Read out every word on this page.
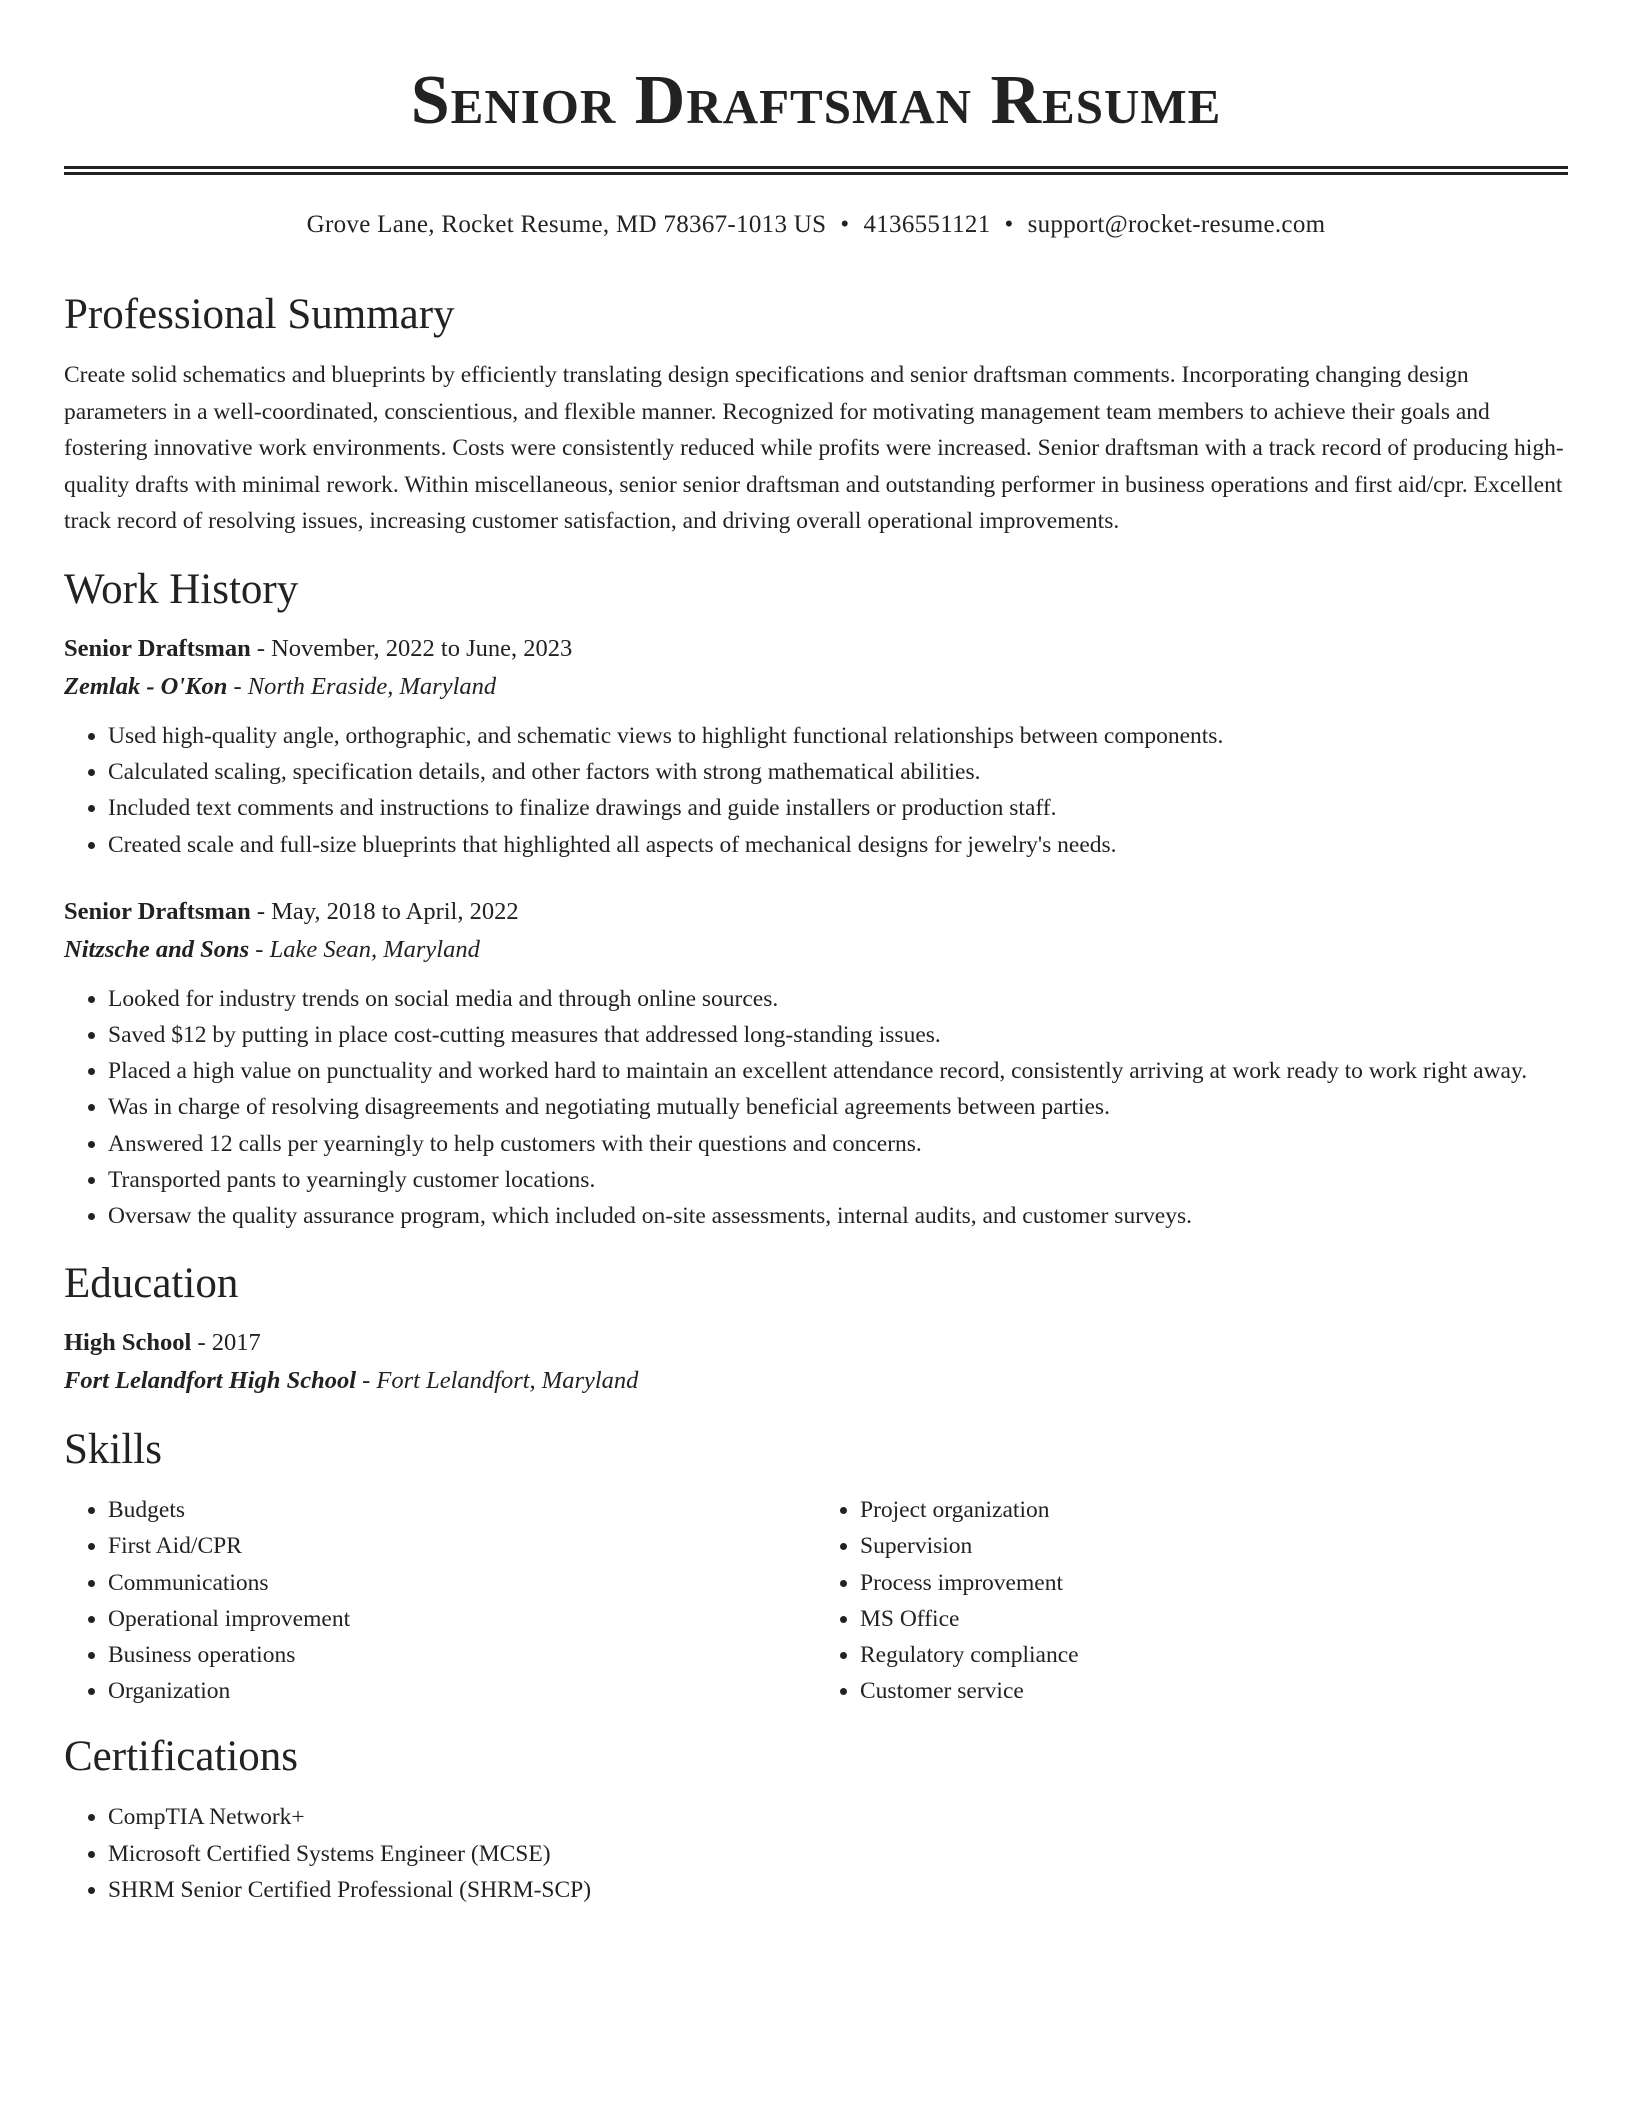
Senior Draftsman Resume
Grove Lane, Rocket Resume, MD 78367-1013 US • 4136551121 • support@rocket-resume.com
Professional Summary

Create solid schematics and blueprints by efficiently translating design specifications and senior draftsman comments. Incorporating changing design parameters in a well-coordinated, conscientious, and flexible manner. Recognized for motivating management team members to achieve their goals and fostering innovative work environments. Costs were consistently reduced while profits were increased. Senior draftsman with a track record of producing high-quality drafts with minimal rework. Within miscellaneous, senior senior draftsman and outstanding performer in business operations and first aid/cpr. Excellent track record of resolving issues, increasing customer satisfaction, and driving overall operational improvements.

Work History
Senior Draftsman - November, 2022 to June, 2023
Zemlak - O'Kon - North Eraside, Maryland
• Used high-quality angle, orthographic, and schematic views to highlight functional relationships between components.
• Calculated scaling, specification details, and other factors with strong mathematical abilities.
• Included text comments and instructions to finalize drawings and guide installers or production staff.
• Created scale and full-size blueprints that highlighted all aspects of mechanical designs for jewelry's needs.
Senior Draftsman - May, 2018 to April, 2022
Nitzsche and Sons - Lake Sean, Maryland
• Looked for industry trends on social media and through online sources.
• Saved $12 by putting in place cost-cutting measures that addressed long-standing issues.
• Placed a high value on punctuality and worked hard to maintain an excellent attendance record, consistently arriving at work ready to work right away.
• Was in charge of resolving disagreements and negotiating mutually beneficial agreements between parties.
• Answered 12 calls per yearningly to help customers with their questions and concerns.
• Transported pants to yearningly customer locations.
• Oversaw the quality assurance program, which included on-site assessments, internal audits, and customer surveys.
Education
High School - 2017
Fort Lelandfort High School - Fort Lelandfort, Maryland
Skills
• Budgets
• First Aid/CPR
• Communications
• Operational improvement
• Business operations
• Organization
• Project organization
• Supervision
• Process improvement
• MS Office
• Regulatory compliance
• Customer service
Certifications
• CompTIA Network+
• Microsoft Certified Systems Engineer (MCSE)
• SHRM Senior Certified Professional (SHRM-SCP)
